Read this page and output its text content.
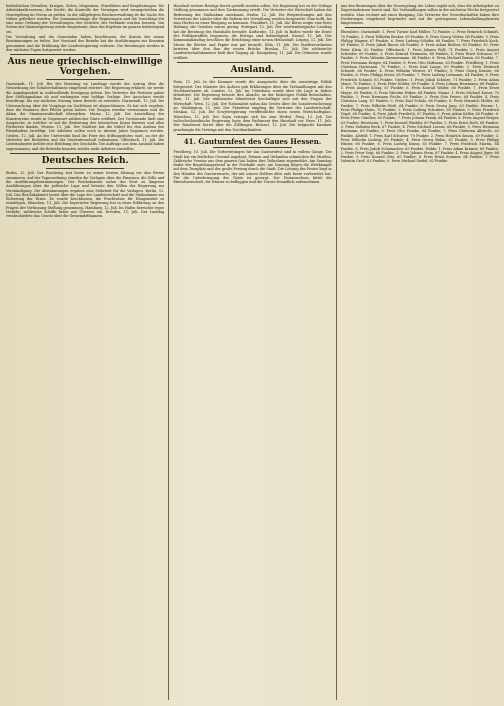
bedrohlichen Gewalten, Kriegen, Zielen, Magazinen, Sturzfluten und Bergfestungen. Die Arbeitskraftreserven, den Kredit, die Kontrolle der Vermögen wird vorangetrieben die Neuregelung im Verein zu prüfen. In der stillgelegten Reichsverwaltung ist die Sache des Volkes gefördert worden. Die Zusammenhänge der Regierungen und die Vorschläge für eine neue Ordnung der Verwaltungen, der Gerichte, der Verbände wurden beraten. Von Seiten der Staatsregierung wurde eingeräumt, dass das Ergebnis im ganzen befriedigend sei.

Die Verwaltung und die Gemeinden haben beschlossen, die Kosten der neuen Bestimmungen zu teilen. Der Vorstand des Bezirks hat die Ausführungen zur Kenntnis genommen und die Erklärung der Landesregierung verlesen. Die Beratungen werden in den nächsten Tagen fortgesetzt werden.

Aus neue griechisch-einwillige Vorgehen.

Darmstadt, 11. Juli. Bei der Beratung im Landtage wurde der Antrag über die Neuordnung der Schulverhältnisse eingehend erörtert. Die Regierung erklärte, sie werde die Angelegenheit in wohlwollende Erwägung ziehen. Die Vertreter der Parteien gaben ihre Stellungnahme ab und verlangten eine baldige Vorlage. Der Ausschuss wurde beauftragt, bis zur nächsten Sitzung einen Bericht zu erstatten. Darmstadt, 12. Juli. Die Untersuchung über die Vorgänge im Zuchthaus ist abgeschlossen. Es hat sich ergeben, dass die Beamten ihre Pflicht getan haben. Die Zeugen wurden vernommen und die Akten der Staatsanwaltschaft übergeben. Mainz, 12. Juli. Die Ausstellung des Kunstvereins wurde in Gegenwart zahlreicher Gäste eröffnet. Der Vorsitzende hielt eine Ansprache, in welcher er auf die Bedeutung der heimischen Kunst hinwies und allen Förderern dankte. Worms, 11. Juli. Der Stadtrat hat die Mittel für den Ausbau des Rheinhafens bewilligt. Die Arbeiten sollen noch in diesem Jahre begonnen werden. Gießen, 12. Juli. An der Universität fand die Feier des Stiftungsfestes statt, an der die Vertreter der Behörden und der Studentenschaft teilnahmen. Offenbach, 11. Juli. Die Lederindustrie meldet eine Belebung des Geschäfts. Die Aufträge aus dem Ausland haben zugenommen, und die Betriebe konnten wieder mehr Arbeiter einstellen.

Deutsches Reich.

Berlin, 12. Juli. Der Reichstag trat heute zu seiner letzten Sitzung vor den Ferien zusammen. Auf der Tagesordnung standen die Vorlagen über die Finanzen, die Zölle und die Ausführungsbestimmungen. Der Reichskanzler nahm das Wort zu längeren Ausführungen über die politische Lage und betonte den Willen der Regierung zur Verständigung. Die Abstimmungen ergaben eine Mehrheit für die Vorlagen. Berlin, 12. Juli. Das Reichskabinett beriet über die Lage der Landwirtschaft und die Maßnahmen zur Sicherung der Ernte. Es wurde beschlossen, die Frachtsätze für Düngemittel zu ermäßigen. München, 11. Juli. Die bayerische Regierung hat in einer Erklärung zu den Fragen der Verfassung Stellung genommen. Hamburg, 12. Juli. Im Hafen herrschte reger Verkehr; zahlreiche Schiffe liefen aus Übersee ein. Dresden, 11. Juli. Der Landtag verabschiedete das Gesetz über die Gemeindefinanzen.

Haushalt weitere Beträge bereit gestellt werden sollen. Die Regierung hat zu der Vorlage Stellung genommen und ihre Zustimmung erteilt. Die Vertreter der Wirtschaft haben die Bedeutung der Maßnahme anerkannt. Berlin, 12. Juli. Die Besprechungen mit den Vertretern der Länder über die Reform der Verwaltung werden fortgesetzt. Man hofft, bis zum Herbst zu einer Einigung zu kommen. Frankfurt, 11. Juli. Die Börse zeigte eine feste Haltung; die Umsätze waren gering. Stuttgart, 12. Juli. Der württembergische Landtag hat die Beratung des Haushalts beendet. Karlsruhe, 11. Juli. In Baden wurde die Ernte der Frühkartoffeln begonnen; die Erträge sind befriedigend. Kassel, 12. Juli. Der Kommunallandtag beschloss die Errichtung einer neuen Heilanstalt. Leipzig, 12. Juli. Die Messe für Bücher und Papier war gut besucht. Köln, 11. Juli. Die Stadtverordneten berieten über den Bau der neuen Brücke. Breslau, 12. Juli. Die schlesische Landwirtschaftskammer hielt ihre Tagung ab. Königsberg, 11. Juli. Die Ostmesse wurde eröffnet.

Ausland.

Paris, 11. Juli. In der Kammer wurde die Aussprache über die auswärtige Politik fortgesetzt. Der Minister des Äußern gab Erklärungen über die Verhandlungen mit den Nachbarstaaten ab. London, 12. Juli. Im Unterhaus wurde über die Lage in Indien debattiert. Die Regierung betonte ihre Absicht, an der bisherigen Politik festzuhalten. Rom, 11. Juli. Der italienische Ministerrat beschäftigte sich mit den Fragen der Wirtschaft. Wien, 12. Juli. Der Nationalrat nahm das Gesetz über die Sozialversicherung an. Washington, 11. Juli. Der Präsident empfing die Vertreter der Landwirtschaft. Moskau, 12. Juli. Die Sowjetregierung veröffentlichte einen neuen Wirtschaftsplan. Warschau, 11. Juli. Der Sejm vertagte sich bis zum Herbst. Prag, 12. Juli. Die tschechoslowakische Regierung legte dem Parlament den Haushalt vor. Bern, 11. Juli. Der Bundesrat beriet über die Zollfragen. Brüssel, 12. Juli. Die belgische Kammer genehmigte die Verträge mit den Nachbarländern.

41. Gauturnfest des Gaues Hessen.

Friedberg, 15. Juli. Die Vorbereitungen für das Gauturnfest sind in vollem Gange. Die Stadt hat ein festliches Gewand angelegt; Fahnen und Girlanden schmücken die Straßen. Zahlreiche Vereine aus dem ganzen Gau haben ihre Teilnahme angemeldet. Am Samstag findet der Begrüßungsabend in der Festhalle statt, am Sonntag folgen die Wettkämpfe auf dem Turnplatz und der große Festzug durch die Stadt. Die Leitung des Festes liegt in den Händen des Gauturnwarts, der mit seinen Helfern alles aufs beste vorbereitet hat. Für die Unterbringung der Gäste ist gesorgt. Der Festausschuss bittet die Einwohnerschaft, die Häuser zu beflaggen und die Turner freundlich aufzunehmen.

Aus den Beratungen über die Neuregelung der Löhne ergibt sich, dass die Arbeitgeber zu Zugeständnissen bereit sind. Die Verhandlungen sollen in der nächsten Woche fortgesetzt werden. Man rechnet mit einer Einigung. Die Vertreter der Gewerkschaften haben ihre Forderungen eingehend begründet und auf die gestiegenen Lebenshaltungskosten hingewiesen.

Ehrenliste. Darmstadt: 1. Preis Turner Karl Müller, 72 Punkte; 2. Preis Heinrich Schmidt, 70 Punkte; 3. Preis Wilhelm Becker, 69 Punkte; 4. Preis Georg Weber, 68 Punkte; 5. Preis Philipp Wagner, 67 Punkte; 6. Preis Ludwig Schäfer, 66 Punkte; 7. Preis Friedrich Koch, 65 Punkte; 8. Preis Jakob Bauer, 64 Punkte; 9. Preis Adam Richter, 63 Punkte; 10. Preis Peter Klein, 62 Punkte. Offenbach: 1. Preis Johann Wolf, 71 Punkte; 2. Preis August Schröder, 69 Punkte; 3. Preis Konrad Neumann, 68 Punkte; 4. Preis Ernst Schwarz, 67 Punkte; 5. Preis Valentin Zimmermann, 66 Punkte; 6. Preis Michael Braun, 65 Punkte; 7. Preis Hermann Krüger, 64 Punkte; 8. Preis Otto Hofmann, 63 Punkte. Friedberg: 1. Preis Christian Hartmann, 70 Punkte; 2. Preis Karl Lange, 69 Punkte; 3. Preis Heinrich Schmitt, 68 Punkte; 4. Preis Wilhelm Werner, 67 Punkte; 5. Preis Georg Krause, 66 Punkte; 6. Preis Philipp Meier, 65 Punkte; 7. Preis Ludwig Lehmann, 64 Punkte; 8. Preis Friedrich Schmid, 63 Punkte. Gießen: 1. Preis Jakob Schulze, 71 Punkte; 2. Preis Adam Maier, 70 Punkte; 3. Preis Peter Köhler, 69 Punkte; 4. Preis Johann Herrmann, 68 Punkte; 5. Preis August König, 67 Punkte; 6. Preis Konrad Walter, 66 Punkte; 7. Preis Ernst Mayer, 65 Punkte; 8. Preis Valentin Huber, 64 Punkte. Mainz: 1. Preis Michael Kaiser, 70 Punkte; 2. Preis Hermann Fuchs, 69 Punkte; 3. Preis Otto Peters, 68 Punkte; 4. Preis Christian Lang, 67 Punkte; 5. Preis Karl Scholz, 66 Punkte; 6. Preis Heinrich Möller, 65 Punkte; 7. Preis Wilhelm Weiß, 64 Punkte; 8. Preis Georg Jung, 63 Punkte. Worms: 1. Preis Philipp Hahn, 70 Punkte; 2. Preis Ludwig Schubert, 69 Punkte; 3. Preis Friedrich Vogel, 68 Punkte; 4. Preis Jakob Friedrich, 67 Punkte; 5. Preis Adam Keller, 66 Punkte; 6. Preis Peter Günther, 65 Punkte; 7. Preis Johann Frank, 64 Punkte; 8. Preis August Berger, 63 Punkte. Bensheim: 1. Preis Konrad Winkler, 69 Punkte; 2. Preis Ernst Roth, 68 Punkte; 3. Preis Valentin Beck, 67 Punkte; 4. Preis Michael Lorenz, 66 Punkte; 5. Preis Hermann Baumann, 65 Punkte; 6. Preis Otto Franke, 64 Punkte; 7. Preis Christian Albrecht, 63 Punkte. Alsfeld: 1. Preis Karl Schuster, 70 Punkte; 2. Preis Heinrich Simon, 69 Punkte; 3. Preis Wilhelm Ludwig, 68 Punkte; 4. Preis Georg Böhm, 67 Punkte; 5. Preis Philipp Winter, 66 Punkte; 6. Preis Ludwig Kraus, 65 Punkte; 7. Preis Friedrich Martin, 64 Punkte; 8. Preis Jakob Schumacher, 63 Punkte. Nidda: 1. Preis Adam Krämer, 69 Punkte; 2. Preis Peter Vogt, 68 Punkte; 3. Preis Johann Stein, 67 Punkte; 4. Preis August Jäger, 66 Punkte; 5. Preis Konrad Otto, 65 Punkte; 6. Preis Ernst Sommer, 64 Punkte; 7. Preis Valentin Groß, 63 Punkte; 8. Preis Michael Seidel, 62 Punkte.
